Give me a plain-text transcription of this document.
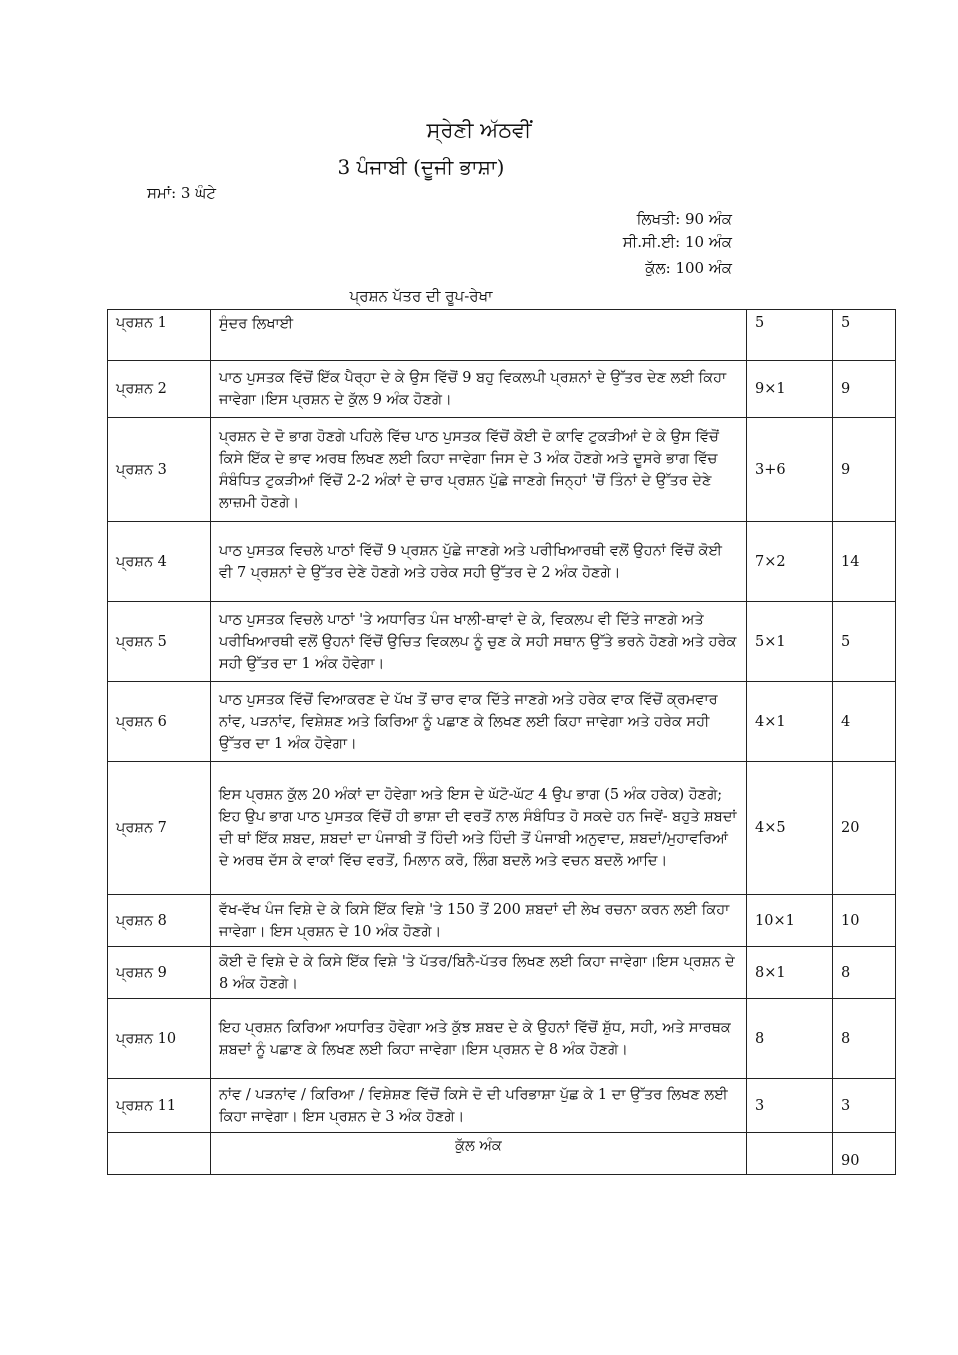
ਸ੍ਰੇਣੀ ਅੱਠਵੀਂ
3 ਪੰਜਾਬੀ (ਦੂਜੀ ਭਾਸ਼ਾ)
ਸਮਾਂ: 3 ਘੰਟੇ
ਲਿਖਤੀ: 90 ਅੰਕ
ਸੀ.ਸੀ.ਈ: 10 ਅੰਕ
ਕੁੱਲ: 100 ਅੰਕ
ਪ੍ਰਸ਼ਨ ਪੱਤਰ ਦੀ ਰੂਪ-ਰੇਖਾ
ਪ੍ਰਸ਼ਨ 1	ਸੁੰਦਰ ਲਿਖਾਈ	5	5
ਪ੍ਰਸ਼ਨ 2	ਪਾਠ ਪੁਸਤਕ ਵਿੱਚੋਂ ਇੱਕ ਪੈਰ੍ਹਾ ਦੇ ਕੇ ਉਸ ਵਿੱਚੋਂ 9 ਬਹੁ ਵਿਕਲਪੀ ਪ੍ਰਸ਼ਨਾਂ ਦੇ ਉੱਤਰ ਦੇਣ ਲਈ ਕਿਹਾ ਜਾਵੇਗਾ।ਇਸ ਪ੍ਰਸ਼ਨ ਦੇ ਕੁੱਲ 9 ਅੰਕ ਹੋਣਗੇ।	9×1	9
ਪ੍ਰਸ਼ਨ 3	ਪ੍ਰਸ਼ਨ ਦੇ ਦੋ ਭਾਗ ਹੋਣਗੇ ਪਹਿਲੇ ਵਿੱਚ ਪਾਠ ਪੁਸਤਕ ਵਿੱਚੋਂ ਕੋਈ ਦੋ ਕਾਵਿ ਟੁਕੜੀਆਂ ਦੇ ਕੇ ਉਸ ਵਿੱਚੋਂ ਕਿਸੇ ਇੱਕ ਦੇ ਭਾਵ ਅਰਥ ਲਿਖਣ ਲਈ ਕਿਹਾ ਜਾਵੇਗਾ ਜਿਸ ਦੇ 3 ਅੰਕ ਹੋਣਗੇ ਅਤੇ ਦੂਸਰੇ ਭਾਗ ਵਿੱਚ ਸੰਬੰਧਿਤ ਟੁਕੜੀਆਂ ਵਿੱਚੋਂ 2-2 ਅੰਕਾਂ ਦੇ ਚਾਰ ਪ੍ਰਸ਼ਨ ਪੁੱਛੇ ਜਾਣਗੇ ਜਿਨ੍ਹਾਂ 'ਚੋਂ ਤਿੰਨਾਂ ਦੇ ਉੱਤਰ ਦੇਣੇ ਲਾਜ਼ਮੀ ਹੋਣਗੇ।	3+6	9
ਪ੍ਰਸ਼ਨ 4	ਪਾਠ ਪੁਸਤਕ ਵਿਚਲੇ ਪਾਠਾਂ ਵਿੱਚੋਂ 9 ਪ੍ਰਸ਼ਨ ਪੁੱਛੇ ਜਾਣਗੇ ਅਤੇ ਪਰੀਖਿਆਰਥੀ ਵਲੋਂ ਉਹਨਾਂ ਵਿੱਚੋਂ ਕੋਈ ਵੀ 7 ਪ੍ਰਸ਼ਨਾਂ ਦੇ ਉੱਤਰ ਦੇਣੇ ਹੋਣਗੇ ਅਤੇ ਹਰੇਕ ਸਹੀ ਉੱਤਰ ਦੇ 2 ਅੰਕ ਹੋਣਗੇ।	7×2	14
ਪ੍ਰਸ਼ਨ 5	ਪਾਠ ਪੁਸਤਕ ਵਿਚਲੇ ਪਾਠਾਂ 'ਤੇ ਅਧਾਰਿਤ ਪੰਜ ਖਾਲੀ-ਥਾਵਾਂ ਦੇ ਕੇ, ਵਿਕਲਪ ਵੀ ਦਿੱਤੇ ਜਾਣਗੇ ਅਤੇ ਪਰੀਖਿਆਰਥੀ ਵਲੋਂ ਉਹਨਾਂ ਵਿੱਚੋਂ ਉਚਿਤ ਵਿਕਲਪ ਨੂੰ ਚੁਣ ਕੇ ਸਹੀ ਸਥਾਨ ਉੱਤੇ ਭਰਨੇ ਹੋਣਗੇ ਅਤੇ ਹਰੇਕ ਸਹੀ ਉੱਤਰ ਦਾ 1 ਅੰਕ ਹੋਵੇਗਾ।	5×1	5
ਪ੍ਰਸ਼ਨ 6	ਪਾਠ ਪੁਸਤਕ ਵਿੱਚੋਂ ਵਿਆਕਰਣ ਦੇ ਪੱਖ ਤੋਂ ਚਾਰ ਵਾਕ ਦਿੱਤੇ ਜਾਣਗੇ ਅਤੇ ਹਰੇਕ ਵਾਕ ਵਿੱਚੋਂ ਕ੍ਰਮਵਾਰ ਨਾਂਵ, ਪੜਨਾਂਵ, ਵਿਸ਼ੇਸ਼ਣ ਅਤੇ ਕਿਰਿਆ ਨੂੰ ਪਛਾਣ ਕੇ ਲਿਖਣ ਲਈ ਕਿਹਾ ਜਾਵੇਗਾ ਅਤੇ ਹਰੇਕ ਸਹੀ ਉੱਤਰ ਦਾ 1 ਅੰਕ ਹੋਵੇਗਾ।	4×1	4
ਪ੍ਰਸ਼ਨ 7	ਇਸ ਪ੍ਰਸ਼ਨ ਕੁੱਲ 20 ਅੰਕਾਂ ਦਾ ਹੋਵੇਗਾ ਅਤੇ ਇਸ ਦੇ ਘੱਟੋ-ਘੱਟ 4 ਉਪ ਭਾਗ (5 ਅੰਕ ਹਰੇਕ) ਹੋਣਗੇ; ਇਹ ਉਪ ਭਾਗ ਪਾਠ ਪੁਸਤਕ ਵਿੱਚੋਂ ਹੀ ਭਾਸ਼ਾ ਦੀ ਵਰਤੋਂ ਨਾਲ ਸੰਬੰਧਿਤ ਹੋ ਸਕਦੇ ਹਨ ਜਿਵੇਂ- ਬਹੁਤੇ ਸ਼ਬਦਾਂ ਦੀ ਥਾਂ ਇੱਕ ਸ਼ਬਦ, ਸ਼ਬਦਾਂ ਦਾ ਪੰਜਾਬੀ ਤੋਂ ਹਿੰਦੀ ਅਤੇ ਹਿੰਦੀ ਤੋਂ ਪੰਜਾਬੀ ਅਨੁਵਾਦ, ਸ਼ਬਦਾਂ/ਮੁਹਾਵਰਿਆਂ ਦੇ ਅਰਥ ਦੱਸ ਕੇ ਵਾਕਾਂ ਵਿੱਚ ਵਰਤੋਂ, ਮਿਲਾਨ ਕਰੋ, ਲਿੰਗ ਬਦਲੋ ਅਤੇ ਵਚਨ ਬਦਲੋ ਆਦਿ।	4×5	20
ਪ੍ਰਸ਼ਨ 8	ਵੱਖ-ਵੱਖ ਪੰਜ ਵਿਸ਼ੇ ਦੇ ਕੇ ਕਿਸੇ ਇੱਕ ਵਿਸ਼ੇ 'ਤੇ 150 ਤੋਂ 200 ਸ਼ਬਦਾਂ ਦੀ ਲੇਖ ਰਚਨਾ ਕਰਨ ਲਈ ਕਿਹਾ ਜਾਵੇਗਾ। ਇਸ ਪ੍ਰਸ਼ਨ ਦੇ 10 ਅੰਕ ਹੋਣਗੇ।	10×1	10
ਪ੍ਰਸ਼ਨ 9	ਕੋਈ ਦੋ ਵਿਸ਼ੇ ਦੇ ਕੇ ਕਿਸੇ ਇੱਕ ਵਿਸ਼ੇ 'ਤੇ ਪੱਤਰ/ਬਿਨੈ-ਪੱਤਰ ਲਿਖਣ ਲਈ ਕਿਹਾ ਜਾਵੇਗਾ।ਇਸ ਪ੍ਰਸ਼ਨ ਦੇ 8 ਅੰਕ ਹੋਣਗੇ।	8×1	8
ਪ੍ਰਸ਼ਨ 10	ਇਹ ਪ੍ਰਸ਼ਨ ਕਿਰਿਆ ਅਧਾਰਿਤ ਹੋਵੇਗਾ ਅਤੇ ਕੁੱਝ ਸ਼ਬਦ ਦੇ ਕੇ ਉਹਨਾਂ ਵਿੱਚੋਂ ਸ਼ੁੱਧ, ਸਹੀ, ਅਤੇ ਸਾਰਥਕ ਸ਼ਬਦਾਂ ਨੂੰ ਪਛਾਣ ਕੇ ਲਿਖਣ ਲਈ ਕਿਹਾ ਜਾਵੇਗਾ।ਇਸ ਪ੍ਰਸ਼ਨ ਦੇ 8 ਅੰਕ ਹੋਣਗੇ।	8	8
ਪ੍ਰਸ਼ਨ 11	ਨਾਂਵ / ਪੜਨਾਂਵ / ਕਿਰਿਆ / ਵਿਸ਼ੇਸ਼ਣ ਵਿੱਚੋਂ ਕਿਸੇ ਦੋ ਦੀ ਪਰਿਭਾਸ਼ਾ ਪੁੱਛ ਕੇ 1 ਦਾ ਉੱਤਰ ਲਿਖਣ ਲਈ ਕਿਹਾ ਜਾਵੇਗਾ। ਇਸ ਪ੍ਰਸ਼ਨ ਦੇ 3 ਅੰਕ ਹੋਣਗੇ।	3	3
	ਕੁੱਲ ਅੰਕ		90
